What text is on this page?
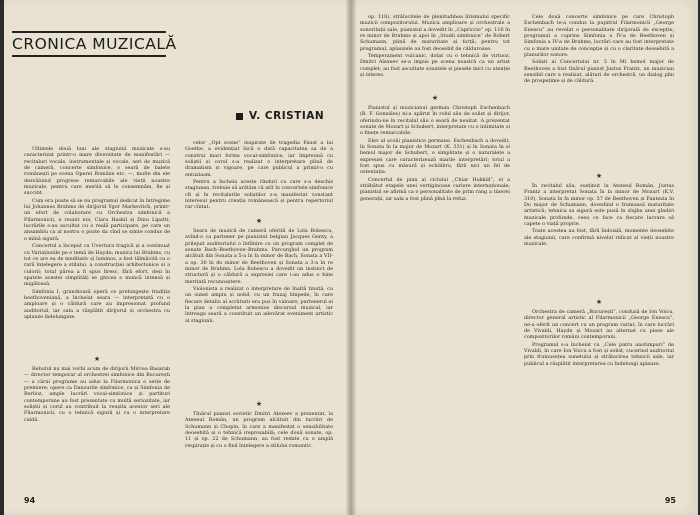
CRONICA MUZICALĂ
V. CRISTIAN

Ultimele două luni ale stagiunii muzicale s-au caracterizat printr-o mare diversitate de manifestări — recitaluri vocale, instrumentale și vocale, seri de muzică de cameră, concerte simfonice, o seară de balete românești pe scena Operei Române etc. —, multe din ele dezvăluind progrese remarcabile ale vieții noastre muzicale, pentru care merită să le consemnăm, fie și succint.

Cum era poate să se nu programul dedicat în întregime lui Johannes Brahms de dirijorul Ygor Markevitch, printr-un efort de colaborare cu Orchestra simfonică a Filarmonicii, a reunit noi, Clara Haskil și Dinu Lipatti; lucrările s-au ascultat cu o reală participare, pe care un ansamblu ca al nostru o poate da cînd se simte condus de o mînă sigură.

Concertul a început cu Uvertura tragică și a continuat cu Variațiunile pe o temă de Haydn; muzica lui Brahms, cu tot ce are ea de meditativ și luminos, a fost tălmăcită cu o rară înțelegere a stilului, a construcției arhitectonice și a culorii; totul părea a fi spus firesc, fără efort, deși în spatele acestei simplități se ghicea o muncă intensă și migăloasă.

Simfonia I, grandioasă operă ce prelungește tradiția beethoveniană, a încheiat seara — interpretată cu o amploare și o căldură care au impresionat profund auditoriul, iar sala a răsplătit dirijorul și orchestra cu aplauze îndelungate.

★

Rebutul nu mai vorbi acum de dirijorii Mircea Basarab — director temporar al orchestrei simfonice din București — a cărui programe au adus la Filarmonica o serie de premiere; opere ca Dansurile simfonice, ca și Simfonia de Berlioz, ample lucrări vocal-simfonice și partituri contemporane au fost prezentate cu multă seriozitate, iar soliștii și corul au contribuit la reușita acestor seri ale Filarmonicii, cu o tehnică sigură și cu o interpretare caldă.

celor „Opt scene” inspirate de tragedia Faust a lui Goethe, a evidențiat încă o dată capacitatea sa de a construi mari forme vocal-simfonice, iar împreună cu soliștii și corul s-a realizat o interpretare plină de dramatism și vigoare, pe care publicul a primit-o cu entuziasm.

Pentru a încheia aceste rînduri cu care s-a deschis stagiunea, trebuie să arătăm că atît în concertele simfonice cît și în recitalurile soliștilor s-a manifestat constant interesul pentru creația românească și pentru repertoriul rar cîntat.

★

Seara de muzică de cameră oferită de Lola Bobescu, avînd-o ca partener pe pianistul belgian Jacques Genty, a prilejuit auditoriului o întîlnire cu un program complet de sonate Bach–Beethoven–Brahms. Parcurgînd un program alcătuit din Sonata a 5-a în fa minor de Bach, Sonata a VII-a op. 30 în do minor de Beethoven și Sonata a 3-a în re minor de Brahms, Lola Bobescu a dovedit un instinct de structură și o căldură a expresiei care i-au adus o bine meritată recunoaștere.

Violonista a realizat o interpretare de înaltă ținută, cu un sunet amplu și nobil, cu un frazaj limpede, în care fiecare detaliu al scriiturii era pus în valoare; partenerul ei la pian a completat armonios discursul muzical, iar întreaga seară a constituit un adevărat eveniment artistic al stagiunii.

★

Tînărul pianist sovietic Dmitri Alexeev a prezentat, la Ateneul Român, un program alcătuit din lucrări de Schumann și Chopin, în care a manifestat o sensibilitate deosebită și o tehnică ireproșabilă; cele două sonate, op. 11 și op. 22 de Schumann, au fost redate cu o amplă respirație și cu o fină înțelegere a stilului romantic.

94

op. 118), strălucitele de plenitudinea lirismului specific muzicii compozitorului. Muzica amplioare și orchestrale a sonoritații sale, pianistul a dovedit în „Capriccio” op. 116 în re minor de Brahms și apoi în „Studii simfonice” de Robert Schumann, plină de maturitate și forță; pentru tot programul, aplauzele au fost deosebit de călduroase.

Temperament vulcanic, dotat cu o tehnică de virtuoz, Dmitri Alexeev se-a impus pe scena noastră ca un artist complet; au fost ascultate sonatele și piesele mici cu atenție și interes.

★

Pianistul și muzicianul german Christoph Eschenbach (B. F. Gonzáles) ni-a apărut în rolul său de solist și dirijor, oferindu-ne în recitalul său o seară de neuitat. A prezentat sonate de Mozart și Schubert, interpretate cu o intimitate și o finețe remarcabile.

Elev al școlii pianistice germane, Eschenbach a dovedit, în Sonata în la major de Mozart (K. 331) și în Sonata în si bemol major de Schubert, o simplitate și o naturalețe a expresiei care caracterizează marile interpretări; totul a fost spus cu măsură și echilibru, fără nici un fel de ostentație.

Concertul de pian al ciclului „Chiar Hukkill”, el a străbătut etapele unei vertiginoase cariere internaționale; pianistul se afirmă ca o personalitate de prim rang a tinerei generații, iar sala a fost plină pînă la refuz.

Cele două concerte simfonice pe care Christoph Eschenbach le-a condus la pupitrul Filarmonicii „George Enescu” au revelat o personalitate dirijorală de excepție; programul a cuprins Simfonia a IV-a de Beethoven și Simfonia a IV-a de Brahms, lucrări care au fost interpretate cu o mare unitate de concepție și cu o claritate deosebită a planurilor sonore.

Soliști ai Concertului nr. 5 în Mi bemol major de Beethoven a fost tînărul pianist Justus Frantz, un muzician sensibil care a realizat, alături de orchestră, un dialog plin de prospețime și de căldură.

★

În recitalul său, susținut la Ateneul Român, Justus Frantz a interpretat Sonata în la minor de Mozart (K.V. 310), Sonata în fa minor op. 57 de Beethoven și Fantezia în Do major de Schumann, dovedind o frumoasă maturitate artistică; tehnica sa sigură este pusă în slujba unei gîndiri muzicale profunde, ceea ce face ca fiecare lucrare să capete o viață proprie.

Toate acestea au fost, fără îndoială, momente deosebite ale stagiunii, care confirmă nivelul ridicat al vieții noastre muzicale.

★

Orchestra de cameră „București”, condusă de Ion Voicu, director general artistic al Filarmonicii „George Enescu”, ne-a oferit un concert cu un program variat, în care lucrări de Vivaldi, Haydn și Mozart au alternat cu piese ale compozitorilor români contemporani.

Programul s-a încheiat cu „Cele patru anotimpuri” de Vivaldi, în care Ion Voicu a fost și solist, cucerind auditoriul prin frumusețea sunetului și strălucirea tehnicii sale, iar publicul a răsplătit interpretarea cu îndelungi aplauze.

95
